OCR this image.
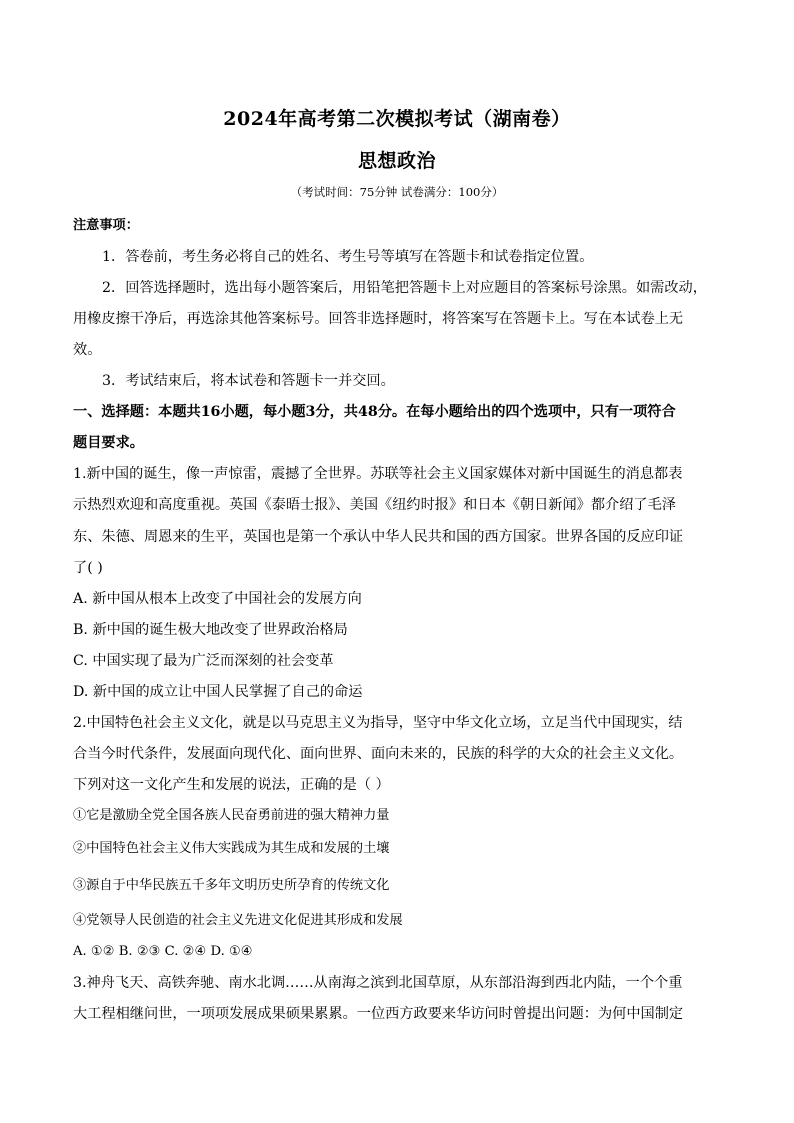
2024年高考第二次模拟考试（湖南卷）
思想政治
（考试时间：75分钟 试卷满分：100分）
注意事项：
1．答卷前，考生务必将自己的姓名、考生号等填写在答题卡和试卷指定位置。
2．回答选择题时，选出每小题答案后，用铅笔把答题卡上对应题目的答案标号涂黑。如需改动，
用橡皮擦干净后，再选涂其他答案标号。回答非选择题时，将答案写在答题卡上。写在本试卷上无
效。
3．考试结束后，将本试卷和答题卡一并交回。
一、选择题：本题共16小题，每小题3分，共48分。在每小题给出的四个选项中，只有一项符合
题目要求。
1.新中国的诞生，像一声惊雷，震撼了全世界。苏联等社会主义国家媒体对新中国诞生的消息都表
示热烈欢迎和高度重视。英国《泰晤士报》、美国《纽约时报》和日本《朝日新闻》都介绍了毛泽
东、朱德、周恩来的生平，英国也是第一个承认中华人民共和国的西方国家。世界各国的反应印证
了( )
A. 新中国从根本上改变了中国社会的发展方向
B. 新中国的诞生极大地改变了世界政治格局
C. 中国实现了最为广泛而深刻的社会变革
D. 新中国的成立让中国人民掌握了自己的命运
2.中国特色社会主义文化，就是以马克思主义为指导，坚守中华文化立场，立足当代中国现实，结
合当今时代条件，发展面向现代化、面向世界、面向未来的，民族的科学的大众的社会主义文化。
下列对这一文化产生和发展的说法，正确的是（ ）
①它是激励全党全国各族人民奋勇前进的强大精神力量
②中国特色社会主义伟大实践成为其生成和发展的土壤
③源自于中华民族五千多年文明历史所孕育的传统文化
④党领导人民创造的社会主义先进文化促进其形成和发展
A. ①② B. ②③ C. ②④ D. ①④
3.神舟飞天、高铁奔驰、南水北调……从南海之滨到北国草原，从东部沿海到西北内陆，一个个重
大工程相继问世，一项项发展成果硕果累累。一位西方政要来华访问时曾提出问题：为何中国制定
